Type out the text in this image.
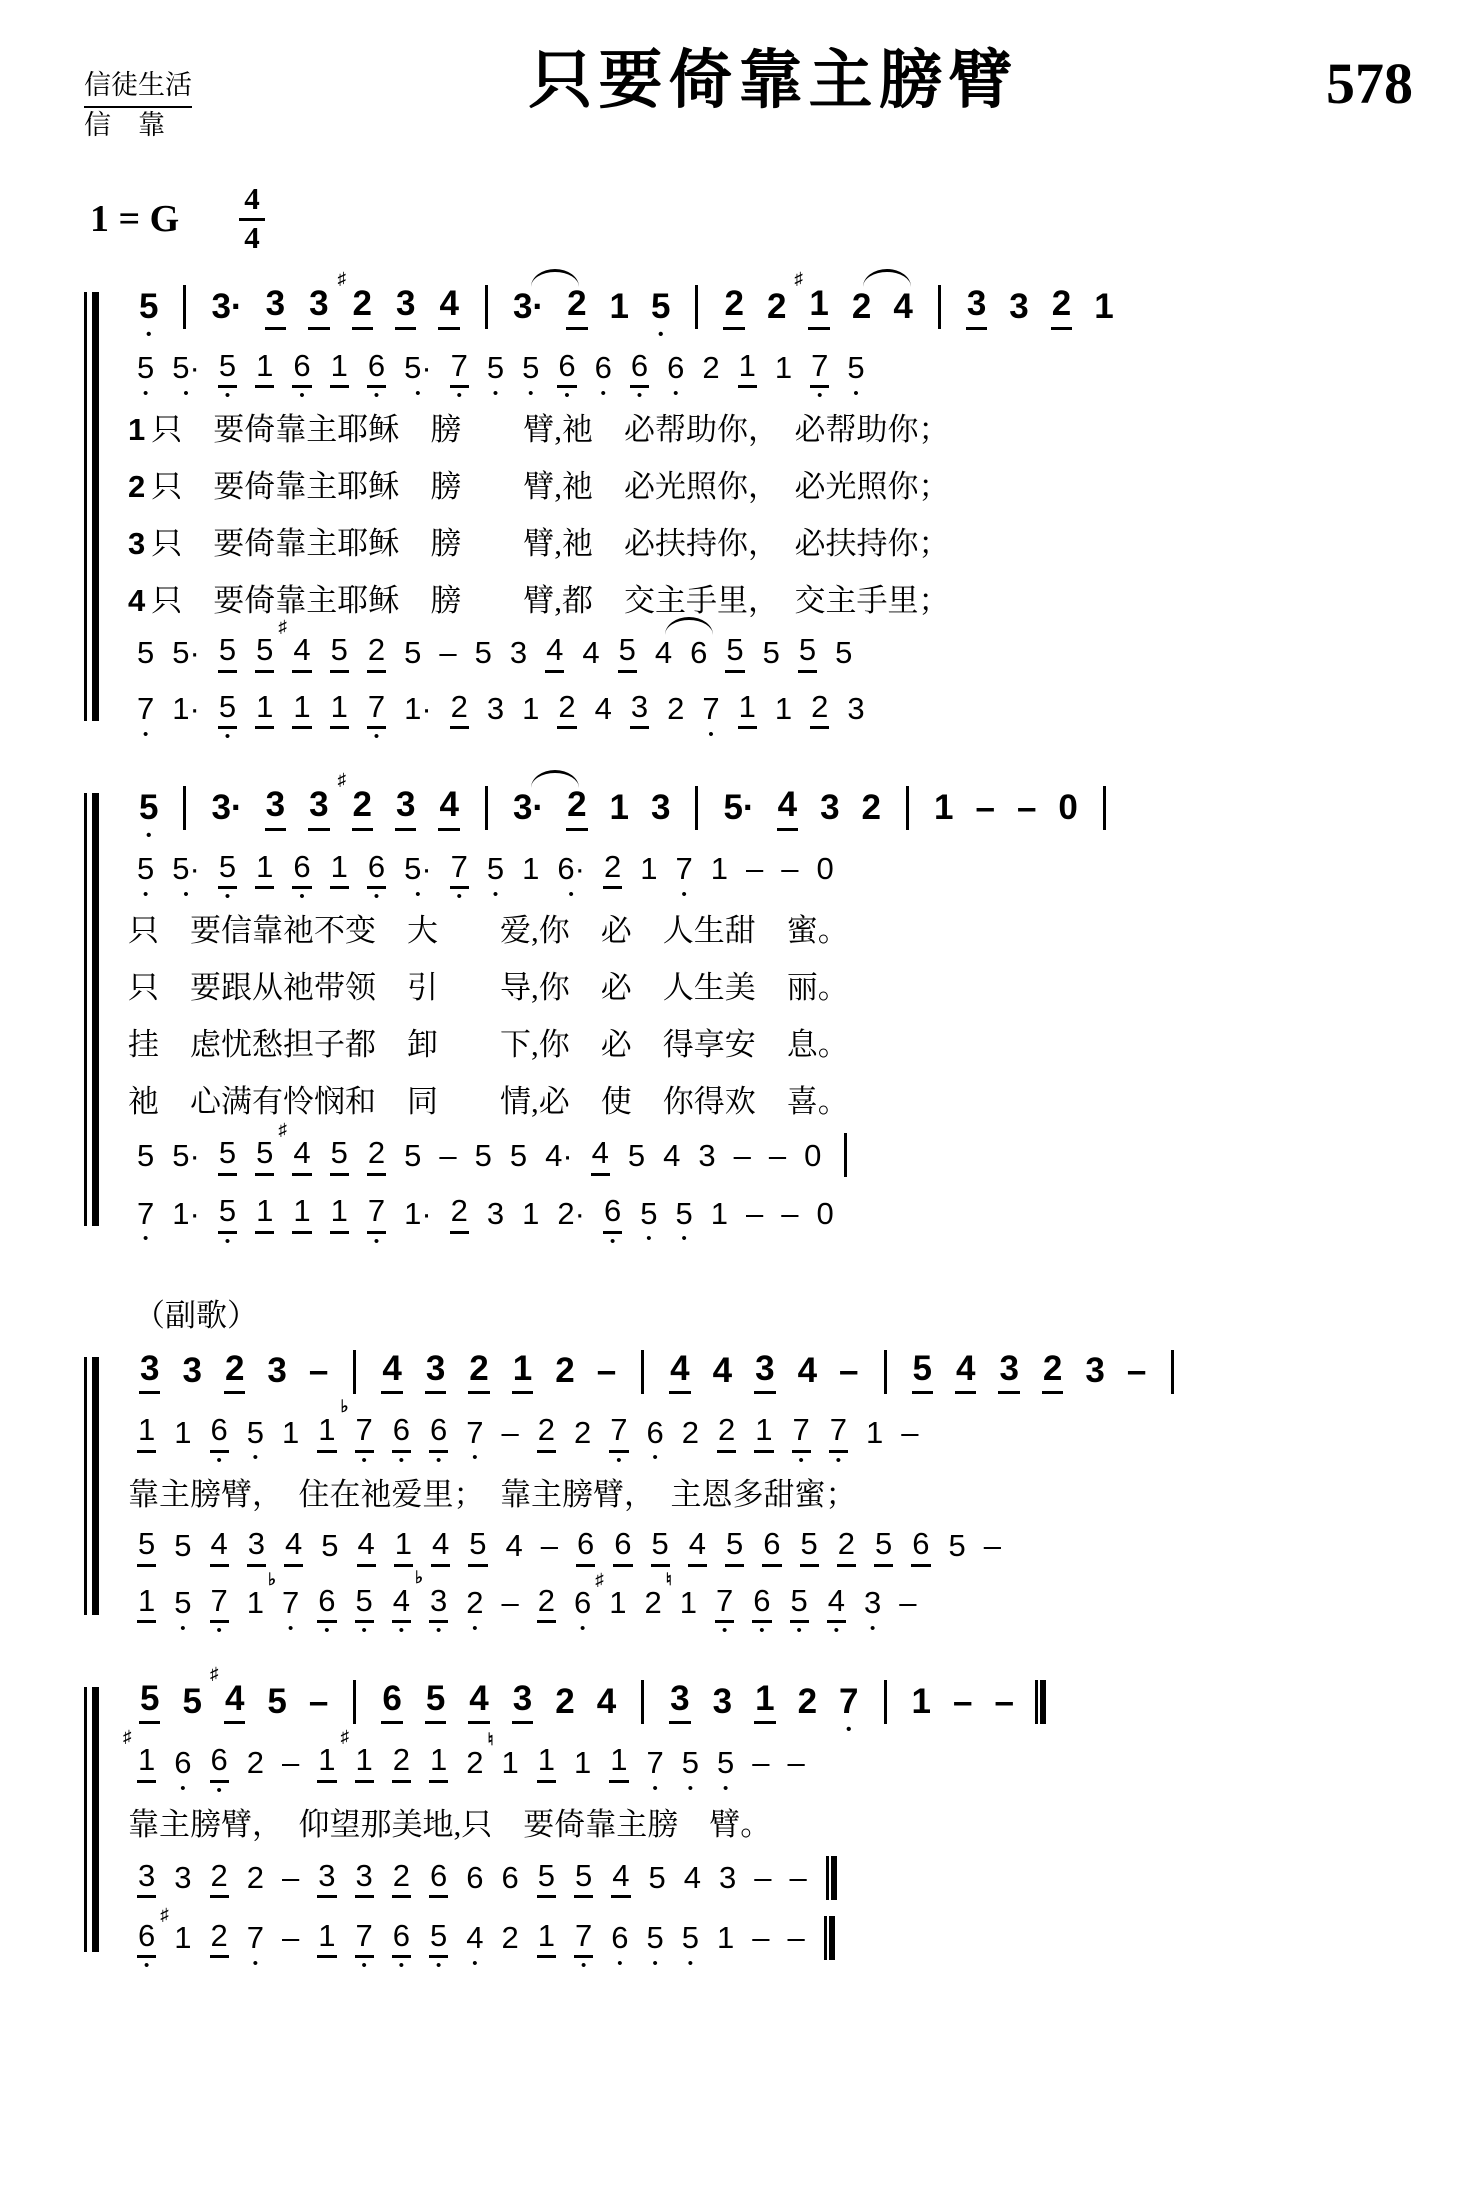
信徒生活
信　靠
只要倚靠主膀臂	578
1 = G $\frac{4}{4}$
5
•
3· 3 3
♯
2 3 4 3· 2 1 5
•
2 2
♯
1 2 4 3 3 2 1
5
•
5·
•
5
•
1 6
•
1 6
•
5·
•
7
•
5
•
5
•
6
•
6
•
6
•
6
•
2 1 1 7
•
5
•
1 只　要倚靠主耶稣　膀　　臂,祂　必帮助你，　必帮助你；
2 只　要倚靠主耶稣　膀　　臂,祂　必光照你，　必光照你；
3 只　要倚靠主耶稣　膀　　臂,祂　必扶持你，　必扶持你；
4 只　要倚靠主耶稣　膀　　臂,都　交主手里，　交主手里；
5 5· 5 5
♯
4 5 2 5 – 5 3 4 4 5 4 6 5 5 5 5
7
•
1· 5
•
1 1 1 7
•
1· 2 3 1 2 4 3 2 7
•
1 1 2 3
5
•
3· 3 3
♯
2 3 4 3· 2 1 3 5· 4 3 2 1 – – 0
5
•
5·
•
5
•
1 6
•
1 6
•
5·
•
7
•
5
•
1 6·
•
2 1 7
•
1 – – 0
只　要信靠祂不变　大　　爱,你　必　人生甜　蜜。
只　要跟从祂带领　引　　导,你　必　人生美　丽。
挂　虑忧愁担子都　卸　　下,你　必　得享安　息。
祂　心满有怜悯和　同　　情,必　使　你得欢　喜。
5 5· 5 5
♯
4 5 2 5 – 5 5 4· 4 5 4 3 – – 0
7
•
1· 5
•
1 1 1 7
•
1· 2 3 1 2· 6
•
5
•
5
•
1 – – 0
（副歌）
3 3 2 3 – 4 3 2 1 2 – 4 4 3 4 – 5 4 3 2 3 –
1 1 6
•
5
•
1 1
♭
7
•
6
•
6
•
7
•
– 2 2 7
•
6
•
2 2 1 7
•
7
•
1 –
靠主膀臂，　住在祂爱里；　靠主膀臂，　主恩多甜蜜；
5 5 4 3 4 5 4 1 4 5 4 – 6 6 5 4 5 6 5 2 5 6 5 –
1 5
•
7
•
1
♭
7
•
6
•
5
•
4
•
♭
3
•
2
•
– 2 6
•
♯
1 2
♮
1 7
•
6
•
5
•
4
•
3
•
–
5 5
♯
4 5 – 6 5 4 3 2 4 3 3 1 2 7
•
1 – –
♯
1 6
•
6
•
2 – 1
♯
1 2 1 2
♮
1 1 1 1 7
•
5
•
5
•
– –
靠主膀臂，　仰望那美地,只　要倚靠主膀　臂。
3 3 2 2 – 3 3 2 6 6 6 5 5 4 5 4 3 – –
6
•
♯
1 2 7
•
– 1 7
•
6
•
5
•
4
•
2 1 7
•
6
•
5
•
5
•
1 – –
